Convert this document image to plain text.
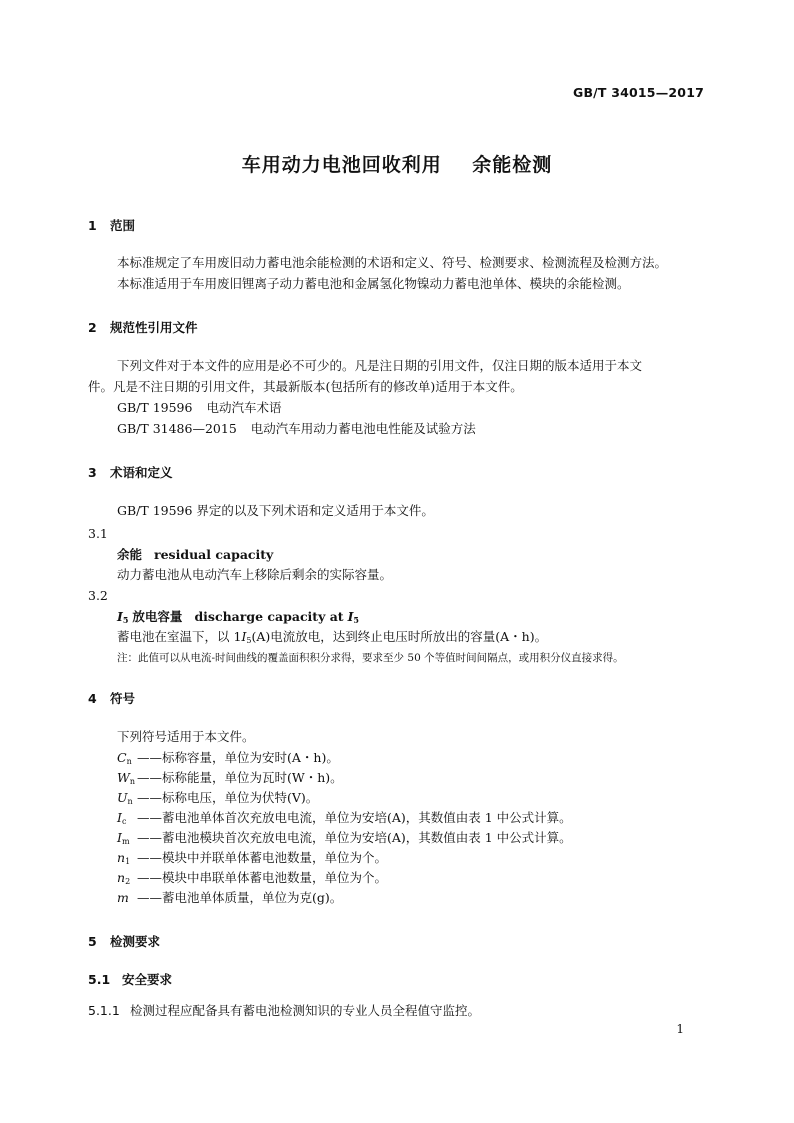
GB/T 34015—2017
车用动力电池回收利用    余能检测
1 范围
本标准规定了车用废旧动力蓄电池余能检测的术语和定义、符号、检测要求、检测流程及检测方法。
本标准适用于车用废旧锂离子动力蓄电池和金属氢化物镍动力蓄电池单体、模块的余能检测。
2 规范性引用文件
下列文件对于本文件的应用是必不可少的。凡是注日期的引用文件，仅注日期的版本适用于本文
件。凡是不注日期的引用文件，其最新版本(包括所有的修改单)适用于本文件。
GB/T 19596 电动汽车术语
GB/T 31486—2015 电动汽车用动力蓄电池电性能及试验方法
3 术语和定义
GB/T 19596 界定的以及下列术语和定义适用于本文件。
3.1
余能 residual capacity
动力蓄电池从电动汽车上移除后剩余的实际容量。
3.2
$I_5$ 放电容量 discharge capacity at $I_5$
蓄电池在室温下，以 $1I_5(A)$电流放电，达到终止电压时所放出的容量(A・h)。
注：此值可以从电流-时间曲线的覆盖面积积分求得，要求至少 50 个等值时间间隔点，或用积分仪直接求得。
4 符号
下列符号适用于本文件。
$C_n$ ——标称容量，单位为安时(A・h)。
$W_n$ ——标称能量，单位为瓦时(W・h)。
$U_n$ ——标称电压，单位为伏特(V)。
$I_c$ ——蓄电池单体首次充放电电流，单位为安培(A)，其数值由表 1 中公式计算。
$I_m$ ——蓄电池模块首次充放电电流，单位为安培(A)，其数值由表 1 中公式计算。
$n_1$ ——模块中并联单体蓄电池数量，单位为个。
$n_2$ ——模块中串联单体蓄电池数量，单位为个。
m ——蓄电池单体质量，单位为克(g)。
5 检测要求
5.1 安全要求
5.1.1 检测过程应配备具有蓄电池检测知识的专业人员全程值守监控。
1
